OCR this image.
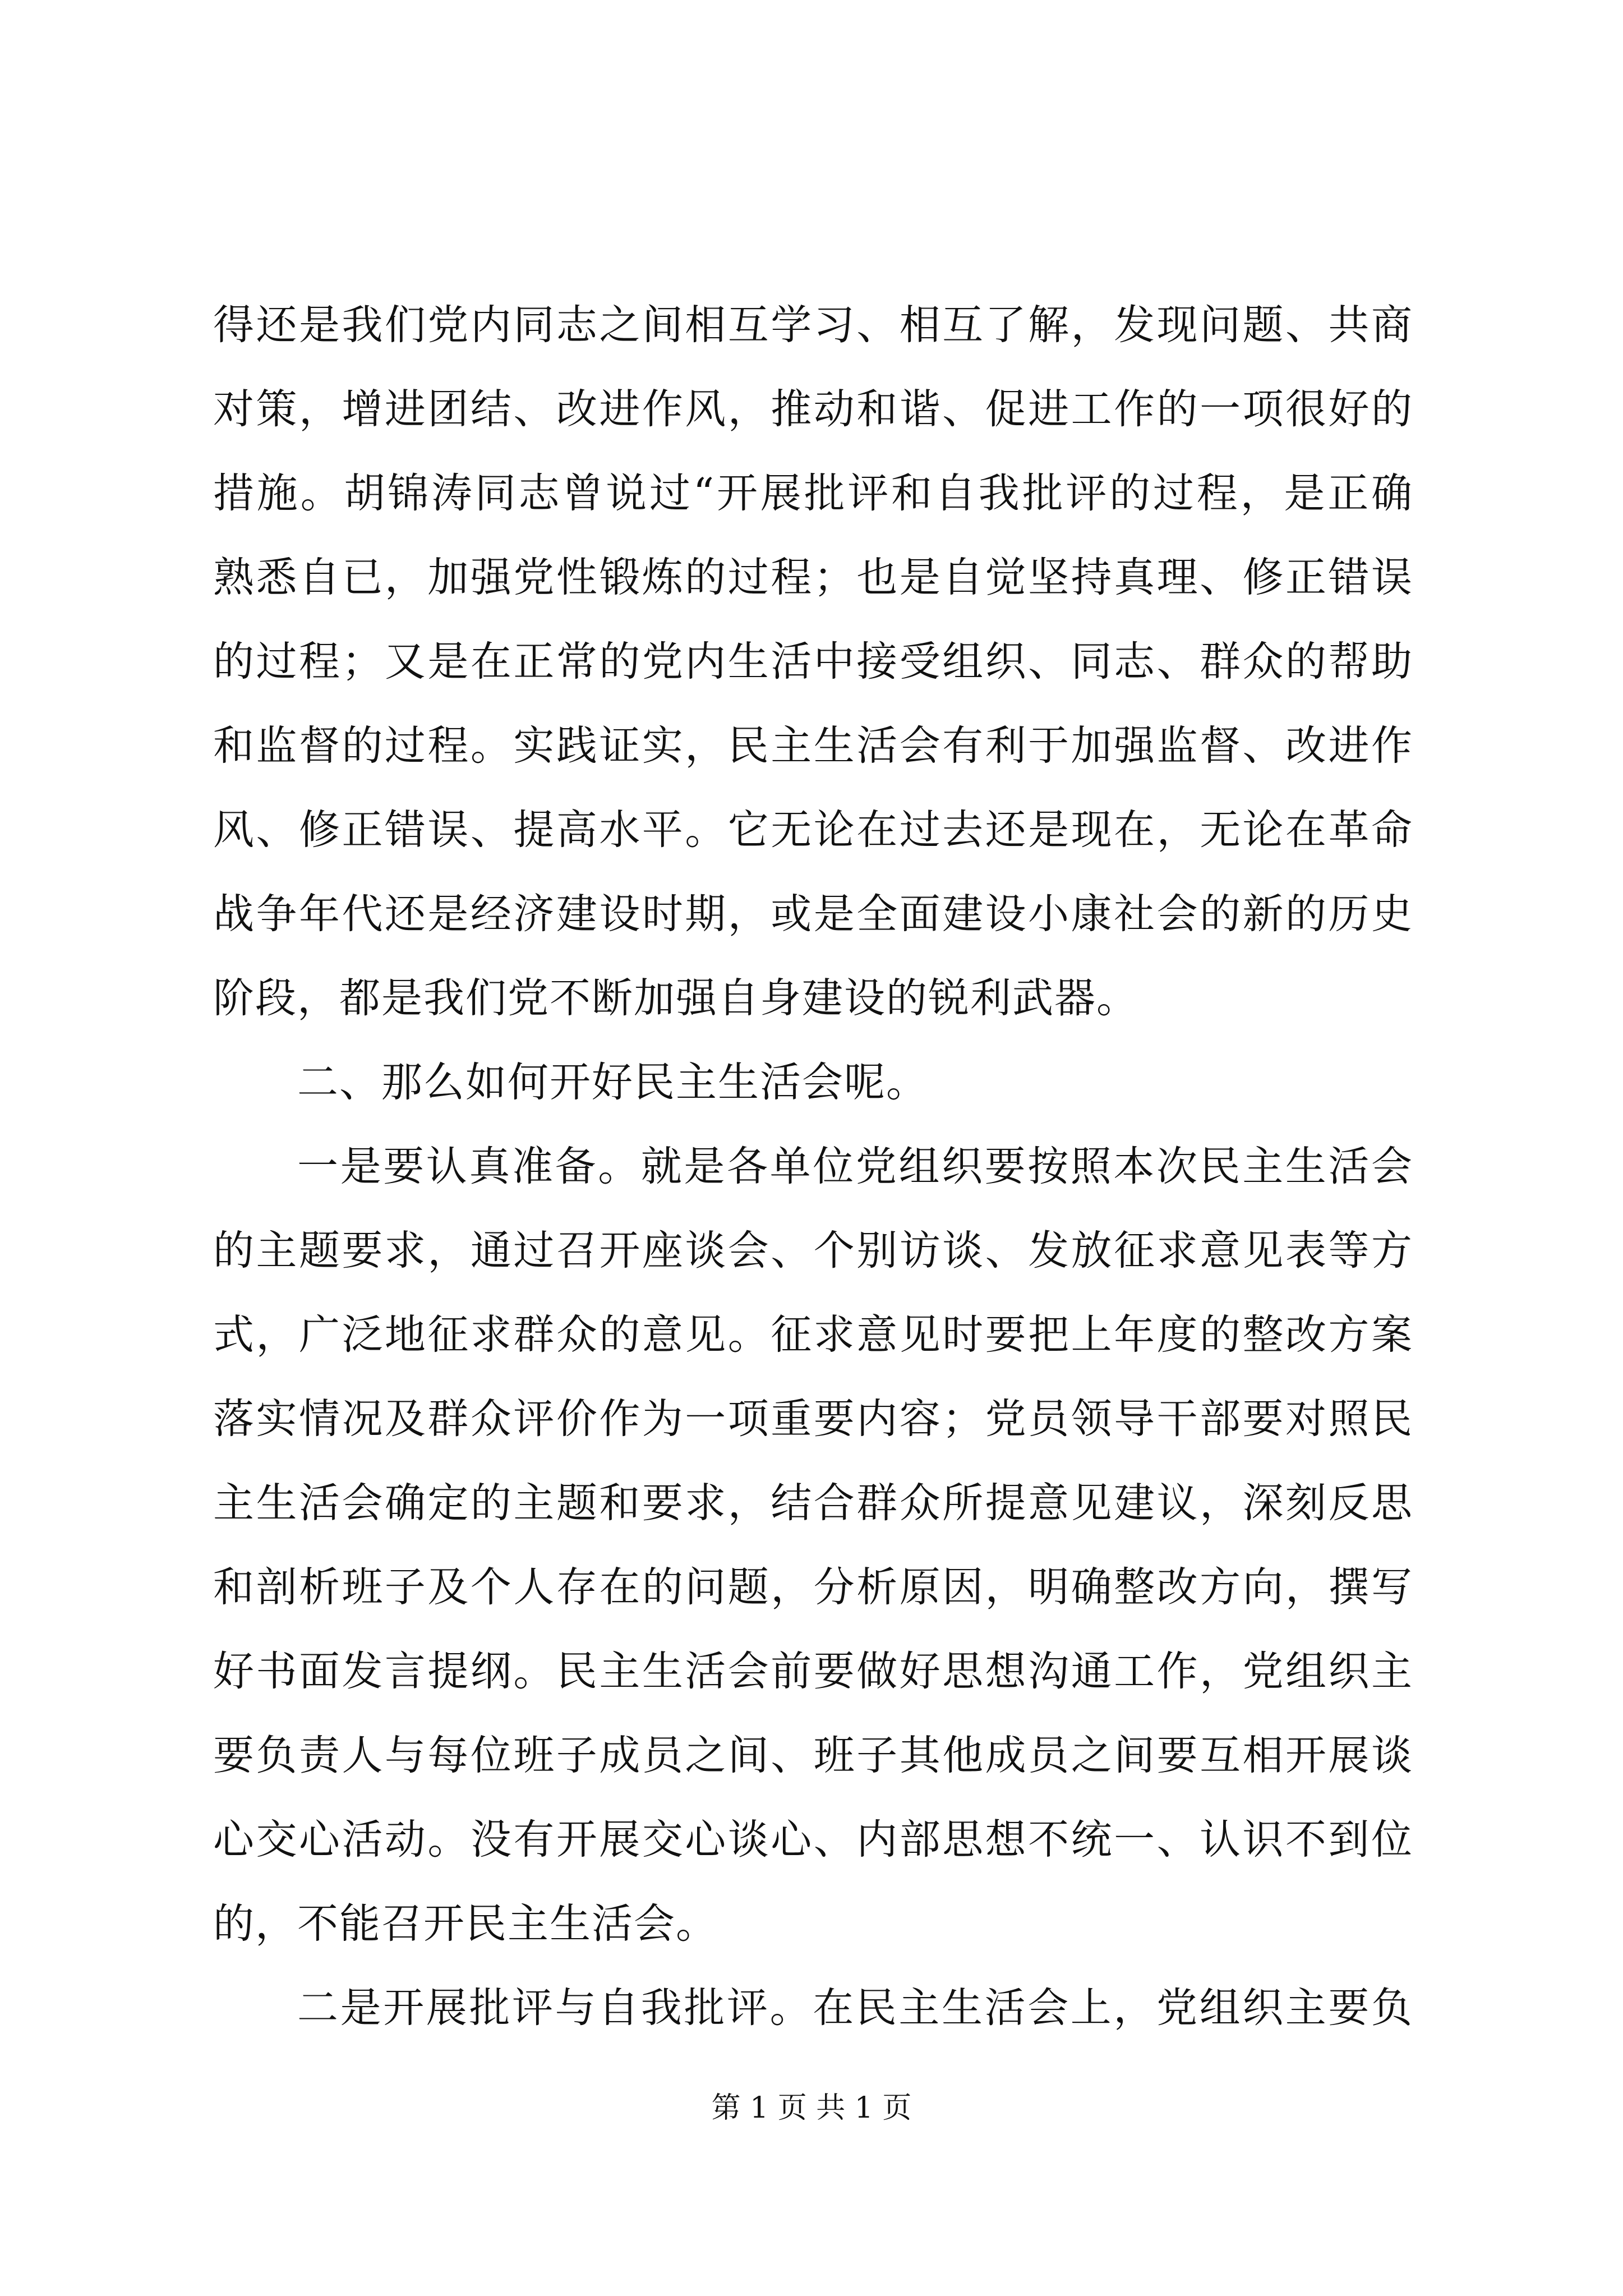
得还是我们党内同志之间相互学习、相互了解，发现问题、共商
对策，增进团结、改进作风，推动和谐、促进工作的一项很好的
措施。胡锦涛同志曾说过“开展批评和自我批评的过程，是正确
熟悉自已，加强党性锻炼的过程；也是自觉坚持真理、修正错误
的过程；又是在正常的党内生活中接受组织、同志、群众的帮助
和监督的过程。实践证实，民主生活会有利于加强监督、改进作
风、修正错误、提高水平。它无论在过去还是现在，无论在革命
战争年代还是经济建设时期，或是全面建设小康社会的新的历史
阶段，都是我们党不断加强自身建设的锐利武器。
二、那么如何开好民主生活会呢。
一是要认真准备。就是各单位党组织要按照本次民主生活会
的主题要求，通过召开座谈会、个别访谈、发放征求意见表等方
式，广泛地征求群众的意见。征求意见时要把上年度的整改方案
落实情况及群众评价作为一项重要内容；党员领导干部要对照民
主生活会确定的主题和要求，结合群众所提意见建议，深刻反思
和剖析班子及个人存在的问题，分析原因，明确整改方向，撰写
好书面发言提纲。民主生活会前要做好思想沟通工作，党组织主
要负责人与每位班子成员之间、班子其他成员之间要互相开展谈
心交心活动。没有开展交心谈心、内部思想不统一、认识不到位
的，不能召开民主生活会。
二是开展批评与自我批评。在民主生活会上，党组织主要负
第 1 页 共 1 页
